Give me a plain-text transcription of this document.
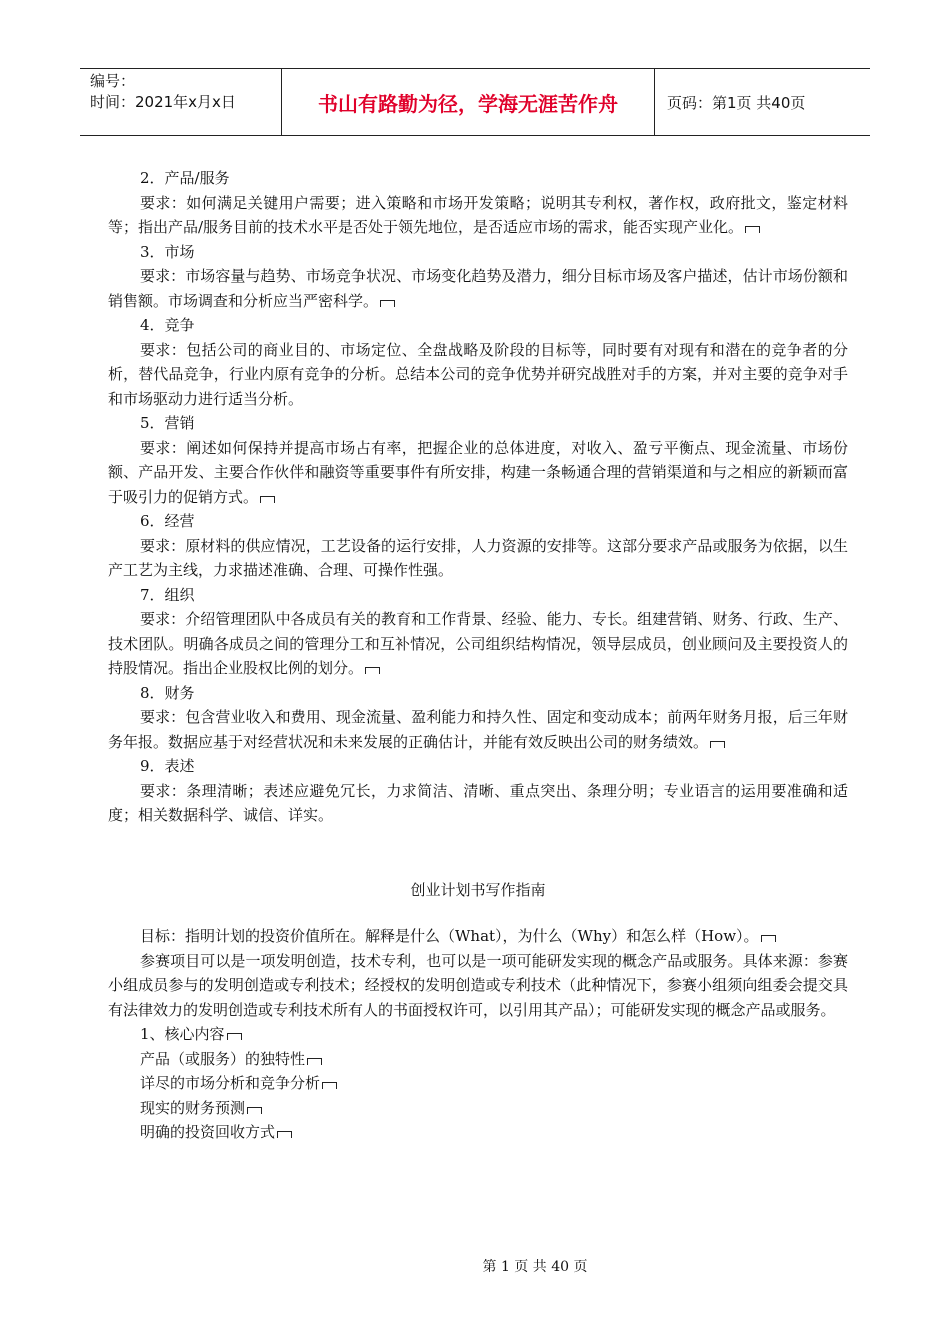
编号：
时间：2021年x月x日	书山有路勤为径，学海无涯苦作舟	页码：第1页 共40页

2．产品/服务

要求：如何满足关键用户需要；进入策略和市场开发策略；说明其专利权，著作权，政府批文，鉴定材料等；指出产品/服务目前的技术水平是否处于领先地位，是否适应市场的需求，能否实现产业化。

3．市场

要求：市场容量与趋势、市场竞争状况、市场变化趋势及潜力，细分目标市场及客户描述，估计市场份额和销售额。市场调查和分析应当严密科学。

4．竞争

要求：包括公司的商业目的、市场定位、全盘战略及阶段的目标等，同时要有对现有和潜在的竞争者的分析，替代品竞争，行业内原有竞争的分析。总结本公司的竞争优势并研究战胜对手的方案，并对主要的竞争对手和市场驱动力进行适当分析。

5．营销

要求：阐述如何保持并提高市场占有率，把握企业的总体进度，对收入、盈亏平衡点、现金流量、市场份额、产品开发、主要合作伙伴和融资等重要事件有所安排，构建一条畅通合理的营销渠道和与之相应的新颖而富于吸引力的促销方式。

6．经营

要求：原材料的供应情况，工艺设备的运行安排，人力资源的安排等。这部分要求产品或服务为依据，以生产工艺为主线，力求描述准确、合理、可操作性强。

7．组织

要求：介绍管理团队中各成员有关的教育和工作背景、经验、能力、专长。组建营销、财务、行政、生产、技术团队。明确各成员之间的管理分工和互补情况，公司组织结构情况，领导层成员，创业顾问及主要投资人的持股情况。指出企业股权比例的划分。

8．财务

要求：包含营业收入和费用、现金流量、盈利能力和持久性、固定和变动成本；前两年财务月报，后三年财务年报。数据应基于对经营状况和未来发展的正确估计，并能有效反映出公司的财务绩效。

9．表述

要求：条理清晰；表述应避免冗长，力求简洁、清晰、重点突出、条理分明；专业语言的运用要准确和适度；相关数据科学、诚信、详实。

创业计划书写作指南

目标：指明计划的投资价值所在。解释是什么（What），为什么（Why）和怎么样（How）。

参赛项目可以是一项发明创造，技术专利，也可以是一项可能研发实现的概念产品或服务。具体来源：参赛小组成员参与的发明创造或专利技术；经授权的发明创造或专利技术（此种情况下，参赛小组须向组委会提交具有法律效力的发明创造或专利技术所有人的书面授权许可，以引用其产品）；可能研发实现的概念产品或服务。

1、核心内容

产品（或服务）的独特性

详尽的市场分析和竞争分析

现实的财务预测

明确的投资回收方式

第 1 页 共 40 页
